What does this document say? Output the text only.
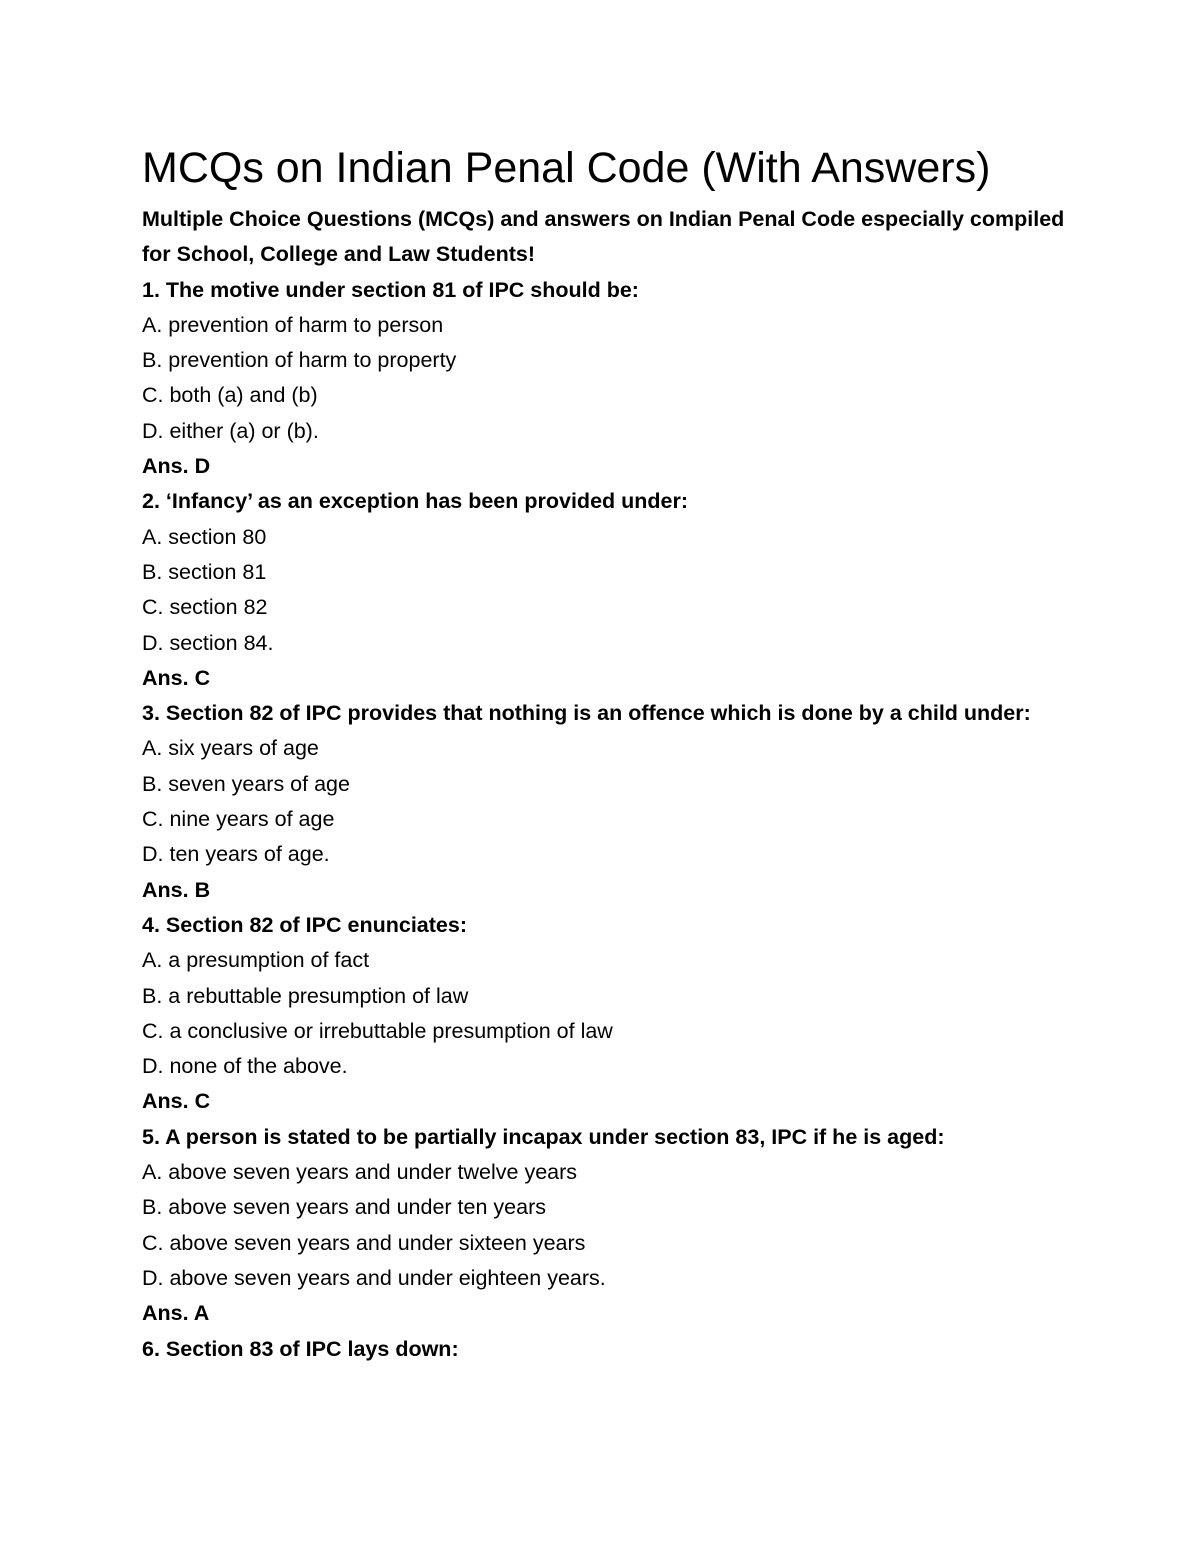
MCQs on Indian Penal Code (With Answers)

Multiple Choice Questions (MCQs) and answers on Indian Penal Code especially compiled for School, College and Law Students!

1. The motive under section 81 of IPC should be:

A. prevention of harm to person

B. prevention of harm to property

C. both (a) and (b)

D. either (a) or (b).

Ans. D

2. ‘Infancy’ as an exception has been provided under:

A. section 80

B. section 81

C. section 82

D. section 84.

Ans. C

3. Section 82 of IPC provides that nothing is an offence which is done by a child under:

A. six years of age

B. seven years of age

C. nine years of age

D. ten years of age.

Ans. B

4. Section 82 of IPC enunciates:

A. a presumption of fact

B. a rebuttable presumption of law

C. a conclusive or irrebuttable presumption of law

D. none of the above.

Ans. C

5. A person is stated to be partially incapax under section 83, IPC if he is aged:

A. above seven years and under twelve years

B. above seven years and under ten years

C. above seven years and under sixteen years

D. above seven years and under eighteen years.

Ans. A

6. Section 83 of IPC lays down:
